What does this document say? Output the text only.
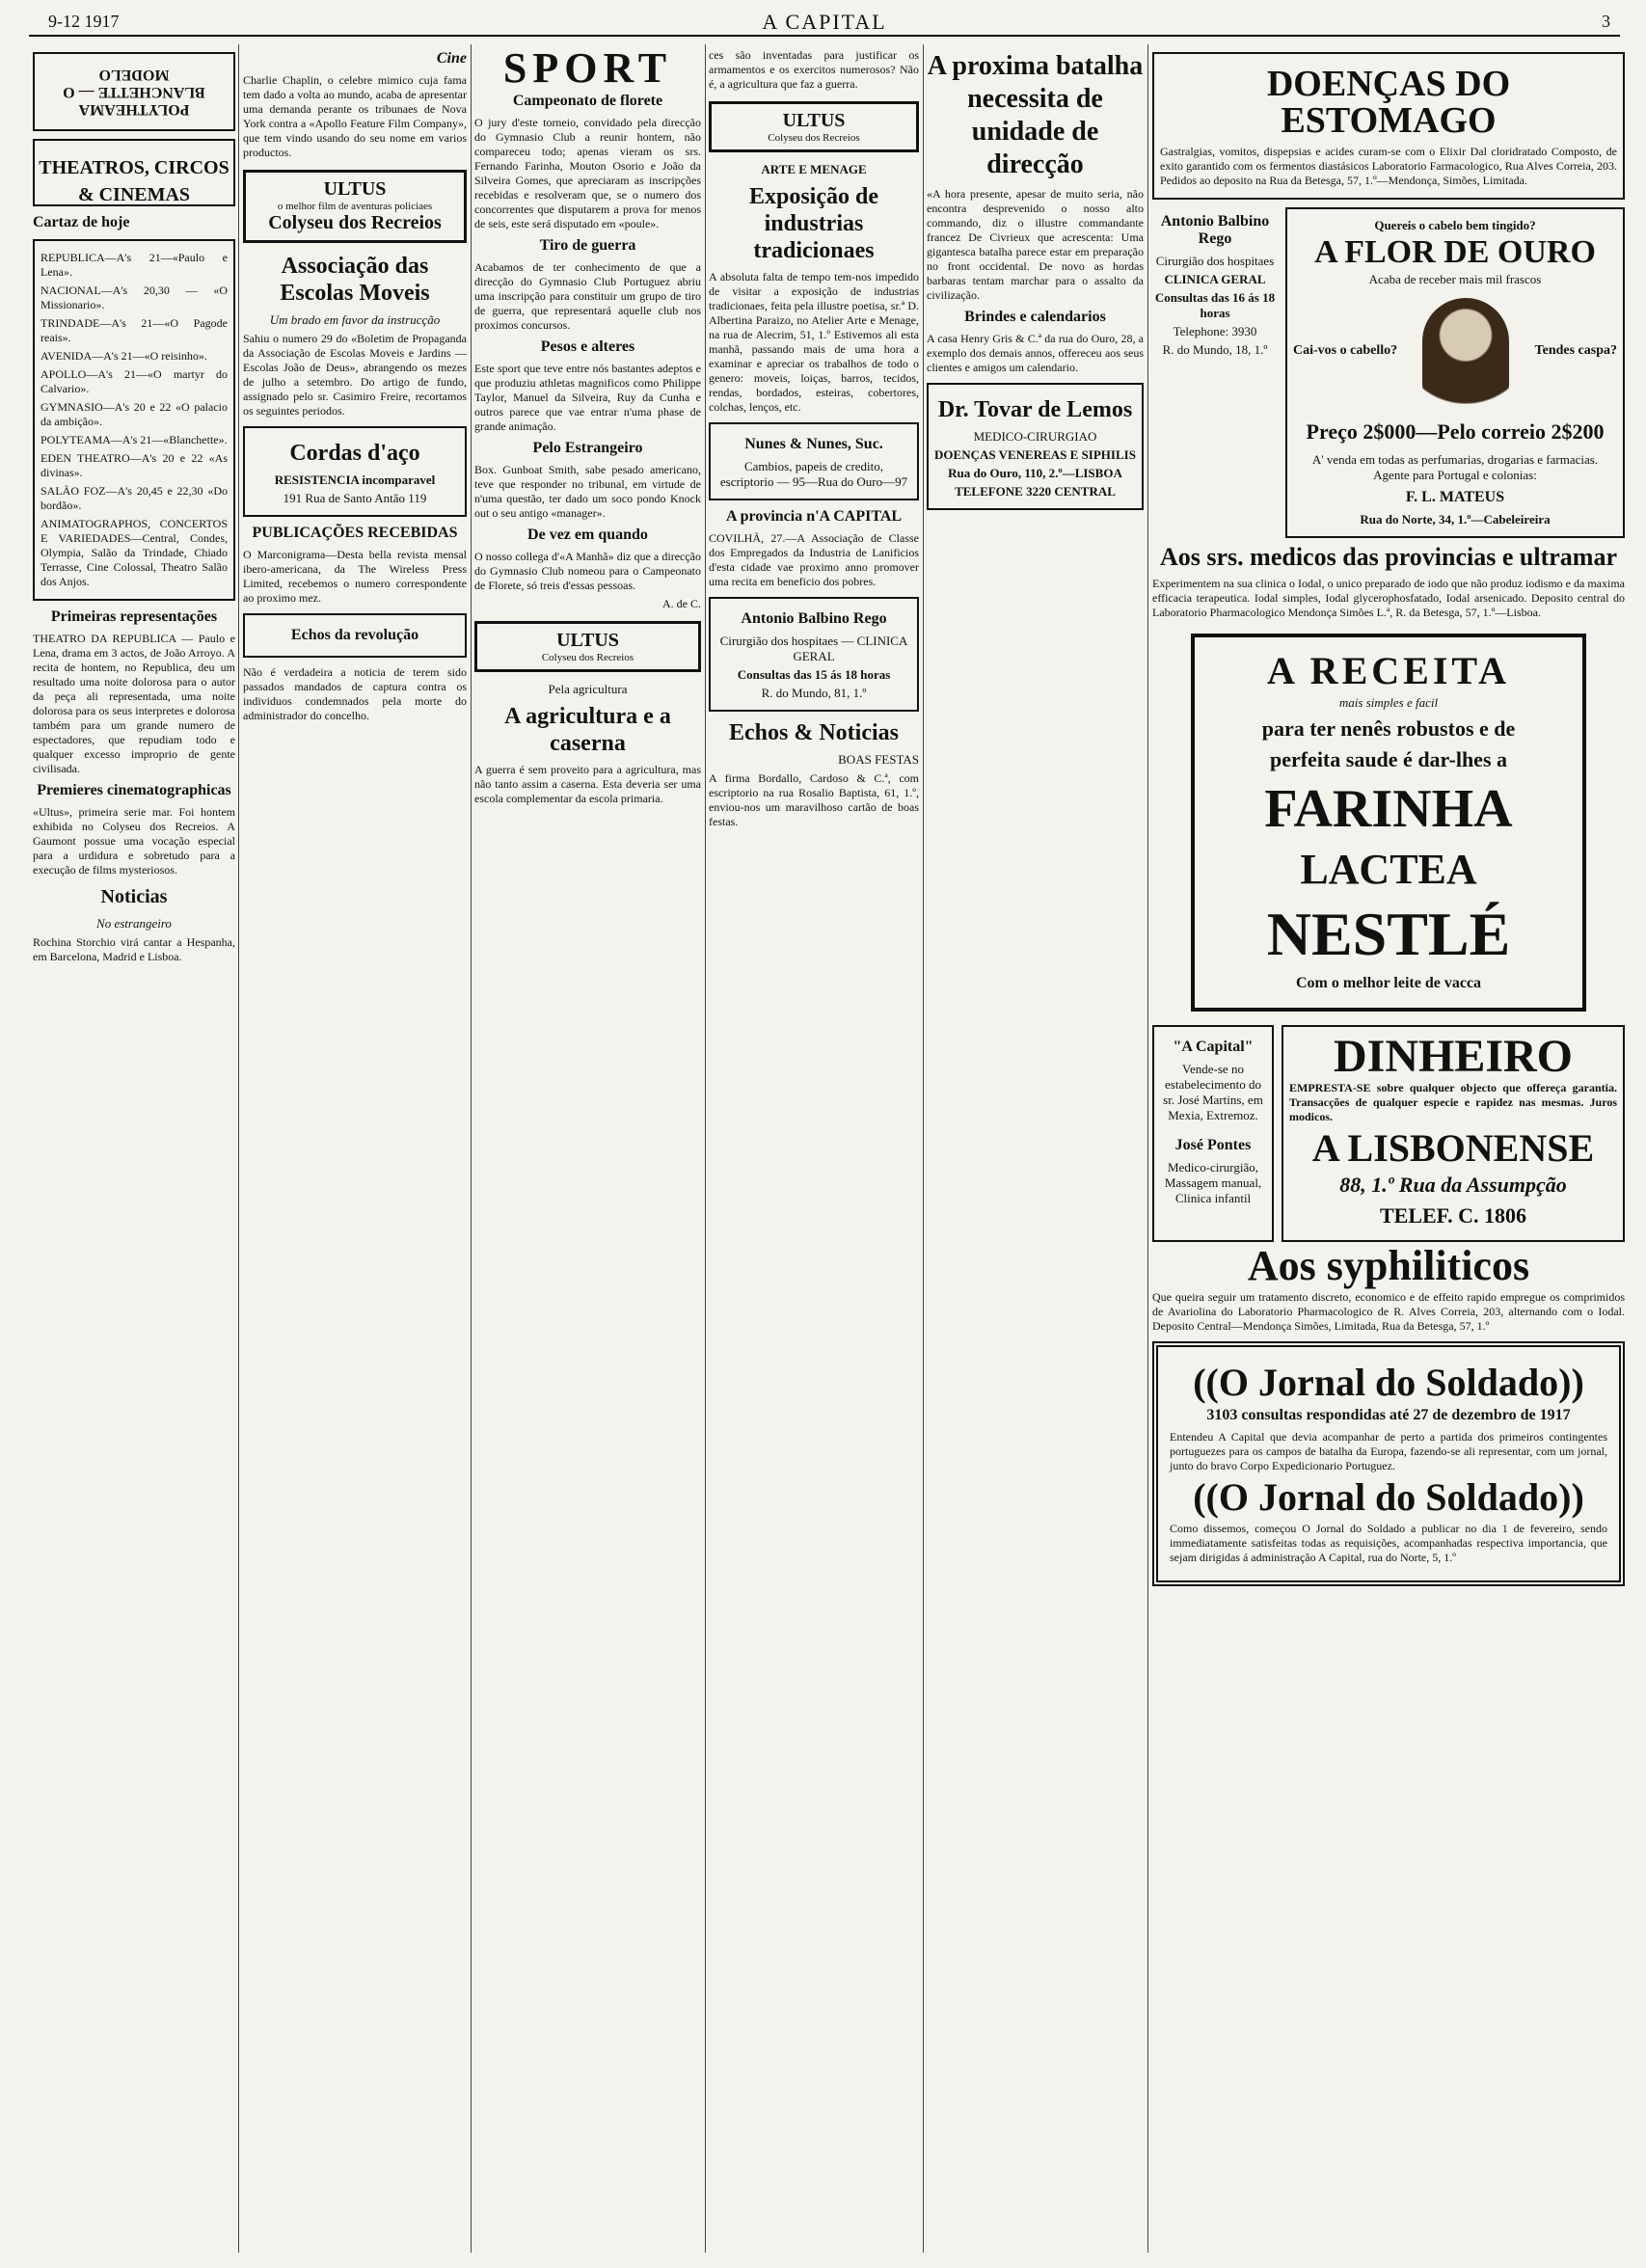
9-12 1917	A CAPITAL	3
POLYTHEAMA BLANCHETTE — O MODELO
THEATROS, CIRCOS & CINEMAS
Cartaz de hoje

REPUBLICA—A's 21—«Paulo e Lena».

NACIONAL—A's 20,30 — «O Missionario».

TRINDADE—A's 21—«O Pagode reais».

AVENIDA—A's 21—«O reisinho».

APOLLO—A's 21—«O martyr do Calvario».

GYMNASIO—A's 20 e 22 «O palacio da ambição».

POLYTEAMA—A's 21—«Blanchette».

EDEN THEATRO—A's 20 e 22 «As divinas».

SALÃO FOZ—A's 20,45 e 22,30 «Do bordão».

ANIMATOGRAPHOS, CONCERTOS E VARIEDADES—Central, Condes, Olympia, Salão da Trindade, Chiado Terrasse, Cine Colossal, Theatro Salão dos Anjos.

Primeiras representações

THEATRO DA REPUBLICA — Paulo e Lena, drama em 3 actos, de João Arroyo. A recita de hontem, no Republica, deu um resultado uma noite dolorosa para o autor da peça ali representada, uma noite dolorosa para os seus interpretes e dolorosa também para um grande numero de espectadores, que repudiam todo e qualquer excesso improprio de gente civilisada.

Premieres cinematographicas

«Ultus», primeira serie mar. Foi hontem exhibida no Colyseu dos Recreios. A Gaumont possue uma vocação especial para a urdidura e sobretudo para a execução de films mysteriosos.

Noticias
No estrangeiro

Rochina Storchio virá cantar a Hespanha, em Barcelona, Madrid e Lisboa.

Cine

Charlie Chaplin, o celebre mimico cuja fama tem dado a volta ao mundo, acaba de apresentar uma demanda perante os tribunaes de Nova York contra a «Apollo Feature Film Company», que tem vindo usando do seu nome em varios productos.

ULTUS
o melhor film de aventuras policiaes
Colyseu dos Recreios
Associação das Escolas Moveis
Um brado em favor da instrucção

Sahiu o numero 29 do «Boletim de Propaganda da Associação de Escolas Moveis e Jardins — Escolas João de Deus», abrangendo os mezes de julho a setembro. Do artigo de fundo, assignado pelo sr. Casimiro Freire, recortamos os seguintes periodos.

Cordas d'aço
RESISTENCIA incomparavel
191 Rua de Santo Antão 119
PUBLICAÇÕES RECEBIDAS

O Marconigrama—Desta bella revista mensal ibero-americana, da The Wireless Press Limited, recebemos o numero correspondente ao proximo mez.

Echos da revolução

Não é verdadeira a noticia de terem sido passados mandados de captura contra os individuos condemnados pela morte do administrador do concelho.

SPORT
Campeonato de florete

O jury d'este torneio, convidado pela direcção do Gymnasio Club a reunir hontem, não compareceu todo; apenas vieram os srs. Fernando Farinha, Mouton Osorio e João da Silveira Gomes, que apreciaram as inscripções recebidas e resolveram que, se o numero dos concorrentes que disputarem a prova for menos de seis, este será disputado em «poule».

Tiro de guerra

Acabamos de ter conhecimento de que a direcção do Gymnasio Club Portuguez abriu uma inscripção para constituir um grupo de tiro de guerra, que representará aquelle club nos proximos concursos.

Pesos e alteres

Este sport que teve entre nós bastantes adeptos e que produziu athletas magnificos como Philippe Taylor, Manuel da Silveira, Ruy da Cunha e outros parece que vae entrar n'uma phase de grande animação.

Pelo Estrangeiro

Box. Gunboat Smith, sabe pesado americano, teve que responder no tribunal, em virtude de n'uma questão, ter dado um soco pondo Knock out o seu antigo «manager».

De vez em quando

O nosso collega d'«A Manhã» diz que a direcção do Gymnasio Club nomeou para o Campeonato de Florete, só treis d'essas pessoas.

A. de C.

ULTUS
Colyseu dos Recreios
Pela agricultura
A agricultura e a caserna

A guerra é sem proveito para a agricultura, mas não tanto assim a caserna. Esta deveria ser uma escola complementar da escola primaria.

ces são inventadas para justificar os armamentos e os exercitos numerosos? Não é, a agricultura que faz a guerra.

ULTUS
Colyseu dos Recreios
ARTE E MENAGE
Exposição de industrias tradicionaes

A absoluta falta de tempo tem-nos impedido de visitar a exposição de industrias tradicionaes, feita pela illustre poetisa, sr.ª D. Albertina Paraizo, no Atelier Arte e Menage, na rua de Alecrim, 51, 1.º Estivemos ali esta manhã, passando mais de uma hora a examinar e apreciar os trabalhos de todo o genero: moveis, loiças, barros, tecidos, rendas, bordados, esteiras, cobertores, colchas, lenços, etc.

Nunes & Nunes, Suc.
Cambios, papeis de credito, escriptorio — 95—Rua do Ouro—97
A provincia n'A CAPITAL

COVILHÃ, 27.—A Associação de Classe dos Empregados da Industria de Lanificios d'esta cidade vae proximo anno promover uma recita em beneficio dos pobres.

Antonio Balbino Rego
Cirurgião dos hospitaes — CLINICA GERAL
Consultas das 15 ás 18 horas
R. do Mundo, 81, 1.º
Echos & Noticias
BOAS FESTAS

A firma Bordallo, Cardoso & C.ª, com escriptorio na rua Rosalio Baptista, 61, 1.º, enviou-nos um maravilhoso cartão de boas festas.

A proxima batalha necessita de unidade de direcção

«A hora presente, apesar de muito seria, não encontra desprevenido o nosso alto commando, diz o illustre commandante francez De Civrieux que acrescenta: Uma gigantesca batalha parece estar em preparação no front occidental. De novo as hordas barbaras tentam marchar para o assalto da civilização.

Brindes e calendarios

A casa Henry Gris & C.ª da rua do Ouro, 28, a exemplo dos demais annos, offereceu aos seus clientes e amigos um calendario.

Dr. Tovar de Lemos
MEDICO-CIRURGIAO
DOENÇAS VENEREAS E SIPHILIS
Rua do Ouro, 110, 2.º—LISBOA
TELEFONE 3220 CENTRAL
DOENÇAS DO ESTOMAGO

Gastralgias, vomitos, dispepsias e acides curam-se com o Elixir Dal cloridratado Composto, de exito garantido com os fermentos diastásicos Laboratorio Farmacologico, Rua Alves Correia, 203. Pedidos ao deposito na Rua da Betesga, 57, 1.º—Mendonça, Simões, Limitada.

Antonio Balbino Rego
Cirurgião dos hospitaes
CLINICA GERAL
Consultas das 16 ás 18 horas
Telephone: 3930
R. do Mundo, 18, 1.º
Quereis o cabelo bem tingido?
A FLOR DE OURO
Acaba de receber mais mil frascos
Cai-vos o cabello?	Tendes caspa?
Preço 2$000—Pelo correio 2$200
A' venda em todas as perfumarias, drogarias e farmacias. Agente para Portugal e colonias:
F. L. MATEUS
Rua do Norte, 34, 1.º—Cabeleireira
Aos srs. medicos das provincias e ultramar

Experimentem na sua clinica o Iodal, o unico preparado de iodo que não produz iodismo e da maxima efficacia terapeutica. Iodal simples, Iodal glycerophosfatado, Iodal arsenicado. Deposito central do Laboratorio Pharmacologico Mendonça Simões L.ª, R. da Betesga, 57, 1.º—Lisboa.

A RECEITA
mais simples e facil
para ter nenês robustos e de
perfeita saude é dar-lhes a
FARINHA
LACTEA
NESTLÉ
Com o melhor leite de vacca
"A Capital"
Vende-se no estabelecimento do sr. José Martins, em Mexia, Extremoz.
José Pontes
Medico-cirurgião, Massagem manual, Clinica infantil
DINHEIRO

EMPRESTA-SE sobre qualquer objecto que offereça garantia. Transacções de qualquer especie e rapidez nas mesmas. Juros modicos.

A LISBONENSE
88, 1.º Rua da Assumpção
TELEF. C. 1806
Aos syphiliticos

Que queira seguir um tratamento discreto, economico e de effeito rapido empregue os comprimidos de Avariolina do Laboratorio Pharmacologico de R. Alves Correia, 203, alternando com o Iodal. Deposito Central—Mendonça Simões, Limitada, Rua da Betesga, 57, 1.º

((O Jornal do Soldado))
3103 consultas respondidas até 27 de dezembro de 1917

Entendeu A Capital que devia acompanhar de perto a partida dos primeiros contingentes portuguezes para os campos de batalha da Europa, fazendo-se ali representar, com um jornal, junto do bravo Corpo Expedicionario Portuguez.

((O Jornal do Soldado))

Como dissemos, começou O Jornal do Soldado a publicar no dia 1 de fevereiro, sendo immediatamente satisfeitas todas as requisições, acompanhadas respectiva importancia, que sejam dirigidas á administração A Capital, rua do Norte, 5, 1.º
